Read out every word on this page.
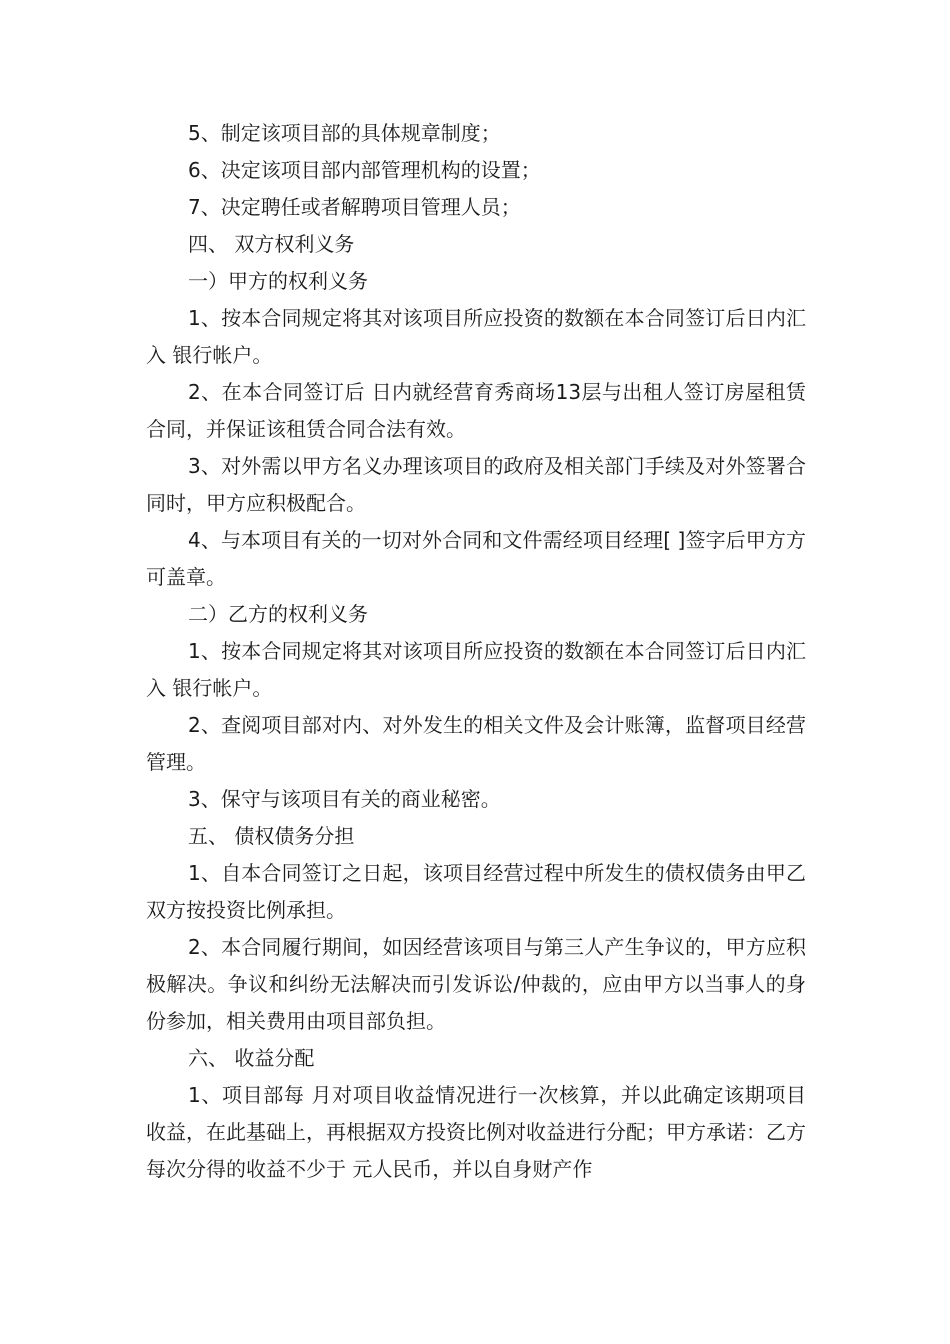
5、制定该项目部的具体规章制度；

6、决定该项目部内部管理机构的设置；

7、决定聘任或者解聘项目管理人员；

四、 双方权利义务

一）甲方的权利义务

1、按本合同规定将其对该项目所应投资的数额在本合同签订后日内汇入 银行帐户。

2、在本合同签订后 日内就经营育秀商场13层与出租人签订房屋租赁合同，并保证该租赁合同合法有效。

3、对外需以甲方名义办理该项目的政府及相关部门手续及对外签署合同时，甲方应积极配合。

4、与本项目有关的一切对外合同和文件需经项目经理[ ]签字后甲方方可盖章。

二）乙方的权利义务

1、按本合同规定将其对该项目所应投资的数额在本合同签订后日内汇入 银行帐户。

2、查阅项目部对内、对外发生的相关文件及会计账簿，监督项目经营管理。

3、保守与该项目有关的商业秘密。

五、 债权债务分担

1、自本合同签订之日起，该项目经营过程中所发生的债权债务由甲乙双方按投资比例承担。

2、本合同履行期间，如因经营该项目与第三人产生争议的，甲方应积极解决。争议和纠纷无法解决而引发诉讼/仲裁的，应由甲方以当事人的身份参加，相关费用由项目部负担。

六、 收益分配

1、项目部每 月对项目收益情况进行一次核算，并以此确定该期项目收益，在此基础上，再根据双方投资比例对收益进行分配；甲方承诺：乙方每次分得的收益不少于 元人民币，并以自身财产作
